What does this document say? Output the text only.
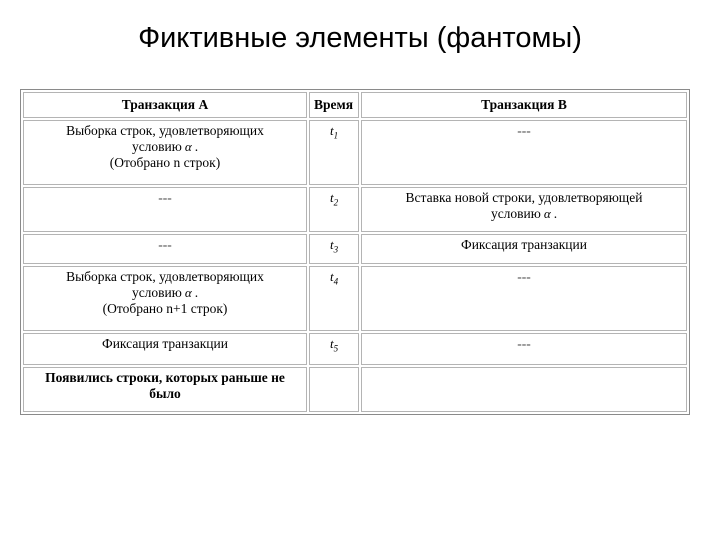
Фиктивные элементы (фантомы)
Транзакция А	Время	Транзакция В

Выборка строк, удовлетворяющих
условию α .
(Отобрано n строк)	$t_1$	---
---	$t_2$	Вставка новой строки, удовлетворяющей
условию α .

---	$t_3$	Фиксация транзакции

Выборка строк, удовлетворяющих
условию α .
(Отобрано n+1 строк)	$t_4$	---
Фиксация транзакции	$t_5$	---
Появились строки, которых раньше не было		
